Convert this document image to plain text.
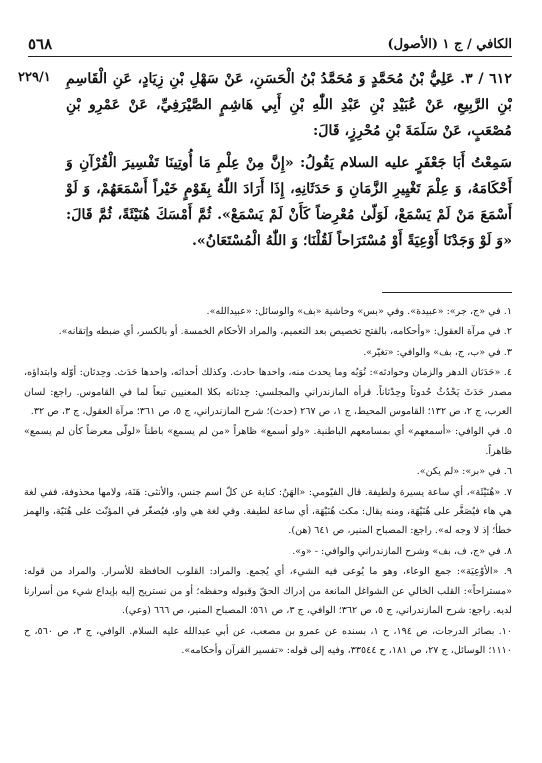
الكافي / ج ١ (الأصول)
٥٦٨
٢٢٩/١	٦١٢ / ٣. عَلِيُّ بْنُ مُحَمَّدٍ وَ مُحَمَّدُ بْنُ الْحَسَنِ، عَنْ سَهْلِ بْنِ زِيَادٍ، عَنِ الْقَاسِمِ بْنِ الرَّبِيعِ، عَنْ عُبَيْدِ بْنِ عَبْدِ اللّٰهِ بْنِ أَبِي هَاشِمٍ الصَّيْرَفِيِّ، عَنْ عَمْرِو بْنِ مُصْعَبٍ، عَنْ سَلَمَةَ بْنِ مُحْرِزٍ، قَالَ:

سَمِعْتُ أَبَا جَعْفَرٍ عليه السلام يَقُولُ: «إِنَّ مِنْ عِلْمِ مَا أُوتِينَا تَفْسِيرَ الْقُرْآنِ وَ أَحْكَامَهُ، وَ عِلْمَ تَغْيِيرِ الزَّمَانِ وَ حَدَثَانِهِ، إِذَا أَرَادَ اللّٰهُ بِقَوْمٍ خَيْراً أَسْمَعَهُمْ، وَ لَوْ أَسْمَعَ مَنْ لَمْ يَسْمَعْ، لَوَلّىٰ مُعْرِضاً كَأَنْ لَمْ يَسْمَعْ». ثُمَّ أَمْسَكَ هُنَيْئَةً، ثُمَّ قَالَ: «وَ لَوْ وَجَدْنَا أَوْعِيَةً أَوْ مُسْتَرَاحاً لَقُلْنَا؛ وَ اللّٰهُ الْمُسْتَعَانُ».

١. في «ج، جر»: «عبيدة». وفي «بس» وحاشية «بف» والوسائل: «عبيدالله».

٢. في مرآة العقول: «وأحكامه، بالفتح تخصيص بعد التعميم، والمراد الأحكام الخمسة. أو بالكسر، أي ضبطه وإتقانه».

٣. في «ب، ج، بف» والوافي: «تغيّر».

٤. «حَدَثان الدهر والزمان وحوادثه»: نُوَبُه وما يحدث منه، واحدها حادث. وكذلك أحداثه، واحدها حَدَث. وحِدثان: أوّله وابتداؤه، مصدر حَدَثَ يَحْدُثُ حُدوثاً وحِدْثاناً. قرأه المازندراني والمجلسي: حِدثانه بكلا المعنيين تبعاً لما في القاموس. راجع: لسان العرب، ج ٢، ص ١٣٢؛ القاموس المحيط، ج ١، ص ٢٦٧ (حدث)؛ شرح المازندراني، ج ٥، ص ٣٦١؛ مرآة العقول، ج ٣، ص ٣٢.

٥. في الوافي: «أسمعهم» أي بمسامعهم الباطنية. «ولو أسمع» ظاهراً «من لم يسمع» باطناً «لولّى معرضاً كأن لم يسمع» ظاهراً.

٦. في «بر»: «لم يكن».

٧. «هُنَيْئَة»، أي ساعة يسيرة ولطيفة. قال الفيّومي: «الهَنُ: كناية عن كلّ اسم جنس، والأنثى: هَنَة، ولامها محذوفة، ففي لغة هي هاء فيُصَغَّر على هُنَيْهَة، ومنه يقال: مكث هُنَيْهَة، أي ساعة لطيفة. وفي لغة هي واو، فيُصغّر في المؤنّث على هُنَيّة، والهمز خطأ؛ إذ لا وجه له». راجع: المصباح المنير، ص ٦٤١ (هن).

٨. في «ج، ف، بف» وشرح المازندراني والوافي: - «و».

٩. «الأوْعِيَة»: جمع الوعاء، وهو ما يُوعى فيه الشيء، أي يُجمع. والمراد: القلوب الحافظة للأسرار. والمراد من قوله: «مستراحاً»: القلب الخالي عن الشواغل المانعة من إدراك الحقّ وقبوله وحفظه؛ أو من نستريح إليه بإيداع شيء من أسرارنا لديه. راجع: شرح المازندراني، ج ٥، ص ٣٦٢؛ الوافي، ج ٣، ص ٥٦١؛ المصباح المنير، ص ٦٦٦ (وعي).

١٠. بصائر الدرجات، ص ١٩٤، ح ١، بسنده عن عمرو بن مصعب، عن أبي عبدالله عليه السلام. الوافي، ج ٣، ص ٥٦٠، ح ١١١٠؛ الوسائل، ج ٢٧، ص ١٨١، ح ٣٣٥٤٤، وفيه إلى قوله: «تفسير القرآن وأحكامه».
